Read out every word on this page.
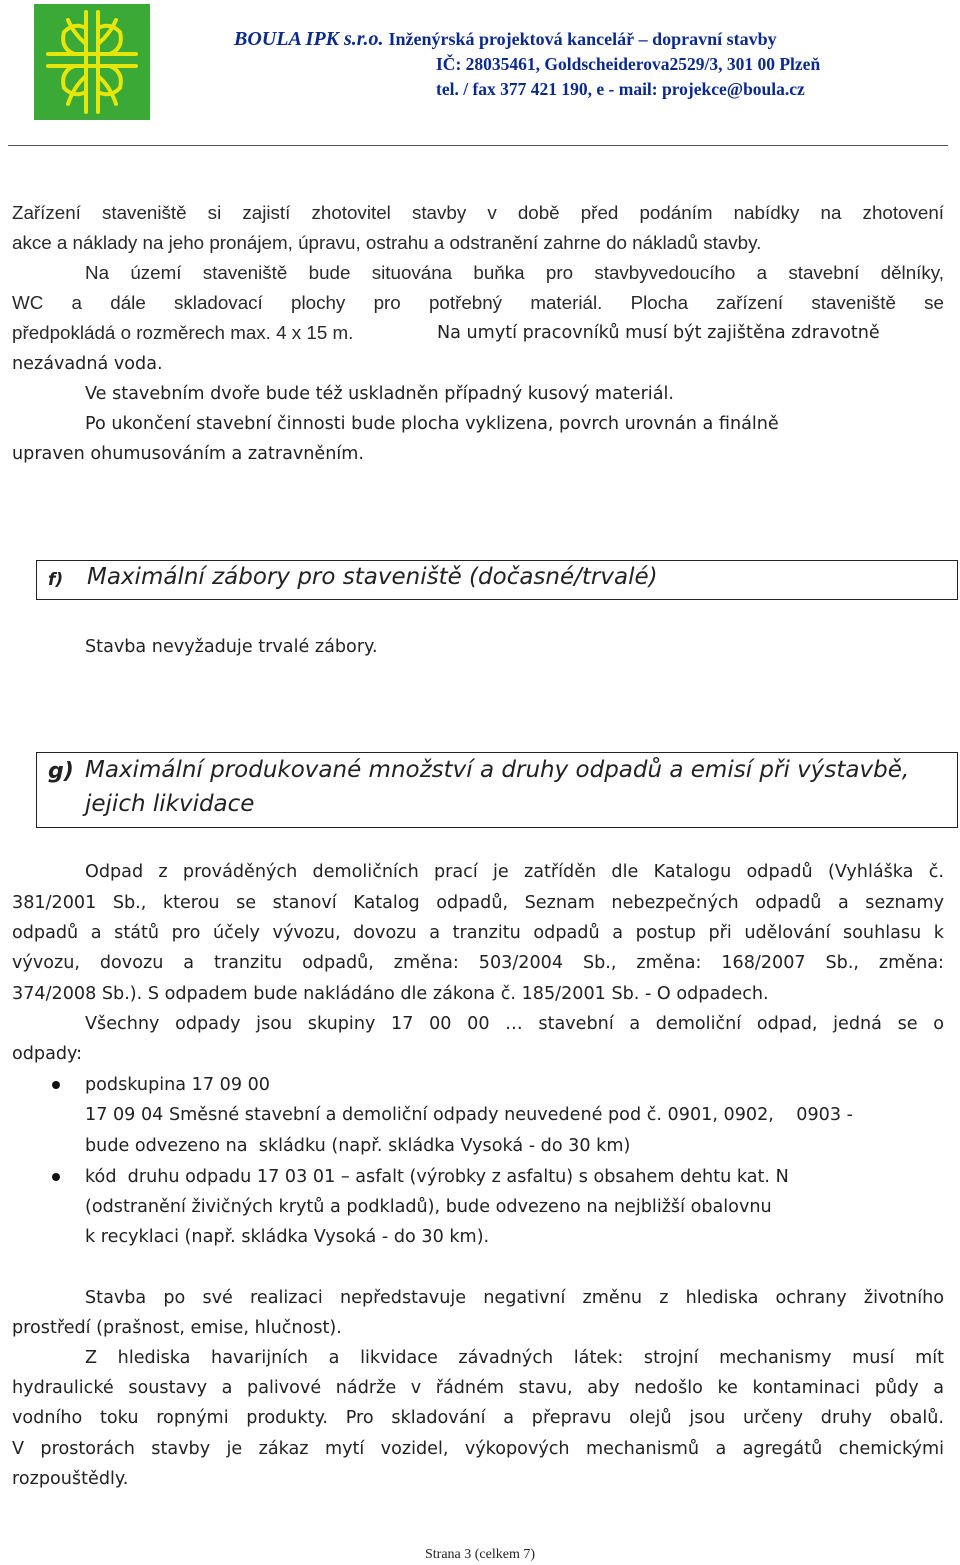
BOULA IPK s.r.o. Inženýrská projektová kancelář – dopravní stavby
IČ: 28035461, Goldscheiderova2529/3, 301 00 Plzeň
tel. / fax 377 421 190, e - mail: projekce@boula.cz
Zařízení staveniště si zajistí zhotovitel stavby v době před podáním nabídky na zhotovení
akce a náklady na jeho pronájem, úpravu, ostrahu a odstranění zahrne do nákladů stavby.
Na území staveniště bude situována buňka pro stavbyvedoucího a stavební dělníky,
WC a dále skladovací plochy pro potřebný materiál. Plocha zařízení staveniště se
předpokládá o rozměrech max. 4 x 15 m.	Na umytí pracovníků musí být zajištěna zdravotně
nezávadná voda.
Ve stavebním dvoře bude též uskladněn případný kusový materiál.
Po ukončení stavební činnosti bude plocha vyklizena, povrch urovnán a finálně
upraven ohumusováním a zatravněním.
f) Maximální zábory pro staveniště (dočasné/trvalé)
Stavba nevyžaduje trvalé zábory.
g) Maximální produkované množství a druhy odpadů a emisí při výstavbě,
jejich likvidace
Odpad z prováděných demoličních prací je zatříděn dle Katalogu odpadů (Vyhláška č.
381/2001 Sb., kterou se stanoví Katalog odpadů, Seznam nebezpečných odpadů a seznamy
odpadů a států pro účely vývozu, dovozu a tranzitu odpadů a postup při udělování souhlasu k
vývozu, dovozu a tranzitu odpadů, změna: 503/2004 Sb., změna: 168/2007 Sb., změna:
374/2008 Sb.). S odpadem bude nakládáno dle zákona č. 185/2001 Sb. - O odpadech.
Všechny odpady jsou skupiny 17 00 00 … stavební a demoliční odpad, jedná se o
odpady:
podskupina 17 09 00
17 09 04 Směsné stavební a demoliční odpady neuvedené pod č. 0901, 0902,    0903 -
bude odvezeno na  skládku (např. skládka Vysoká - do 30 km)
kód  druhu odpadu 17 03 01 – asfalt (výrobky z asfaltu) s obsahem dehtu kat. N
(odstranění živičných krytů a podkladů), bude odvezeno na nejbližší obalovnu
k recyklaci (např. skládka Vysoká - do 30 km).
Stavba po své realizaci nepředstavuje negativní změnu z hlediska ochrany životního
prostředí (prašnost, emise, hlučnost).
Z hlediska havarijních a likvidace závadných látek: strojní mechanismy musí mít
hydraulické soustavy a palivové nádrže v řádném stavu, aby nedošlo ke kontaminaci půdy a
vodního toku ropnými produkty. Pro skladování a přepravu olejů jsou určeny druhy obalů.
V prostorách stavby je zákaz mytí vozidel, výkopových mechanismů a agregátů chemickými
rozpouštědly.
Strana 3 (celkem 7)
